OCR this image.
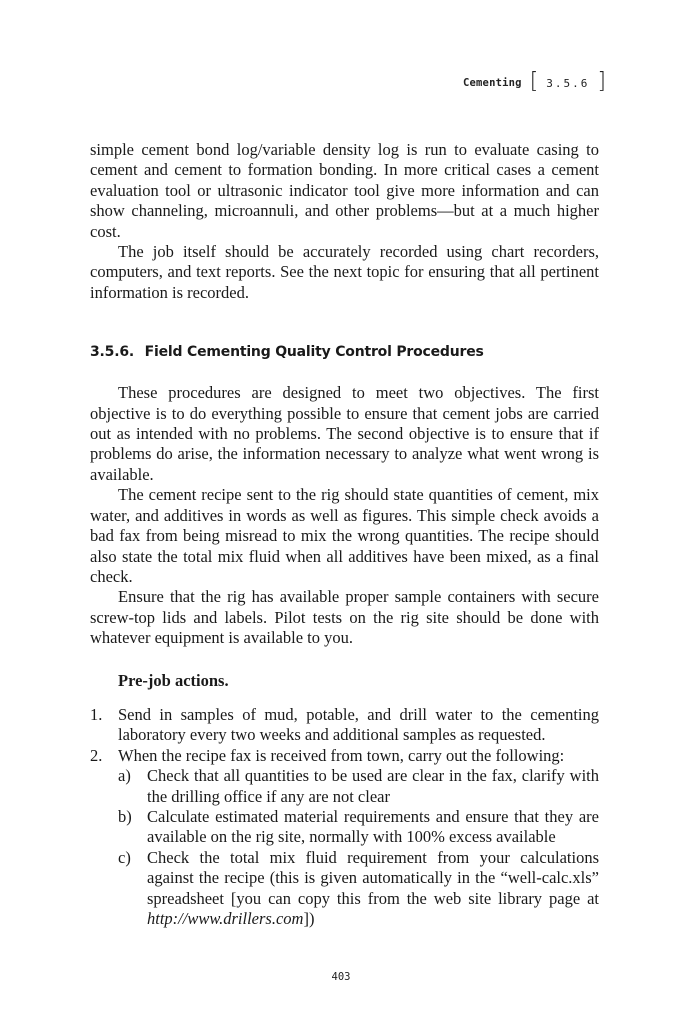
Cementing [ 3.5.6 ]

simple cement bond log/variable density log is run to evaluate casing to cement and cement to formation bonding. In more critical cases a cement evaluation tool or ultrasonic indicator tool give more information and can show channeling, microannuli, and other problems—but at a much higher cost.

The job itself should be accurately recorded using chart recorders, computers, and text reports. See the next topic for ensuring that all pertinent information is recorded.

3.5.6. Field Cementing Quality Control Procedures

These procedures are designed to meet two objectives. The first objective is to do everything possible to ensure that cement jobs are carried out as intended with no problems. The second objective is to ensure that if problems do arise, the information necessary to analyze what went wrong is available.

The cement recipe sent to the rig should state quantities of cement, mix water, and additives in words as well as figures. This simple check avoids a bad fax from being misread to mix the wrong quantities. The recipe should also state the total mix fluid when all additives have been mixed, as a final check.

Ensure that the rig has available proper sample containers with secure screw-top lids and labels. Pilot tests on the rig site should be done with whatever equipment is available to you.

Pre-job actions.
1. Send in samples of mud, potable, and drill water to the cementing laboratory every two weeks and additional samples as requested.
2. When the recipe fax is received from town, carry out the following:
a) Check that all quantities to be used are clear in the fax, clarify with the drilling office if any are not clear
b) Calculate estimated material requirements and ensure that they are available on the rig site, normally with 100% excess available
c) Check the total mix fluid requirement from your calculations against the recipe (this is given automatically in the “well-calc.xls” spreadsheet [you can copy this from the web site library page at http://www.drillers.com])
403
